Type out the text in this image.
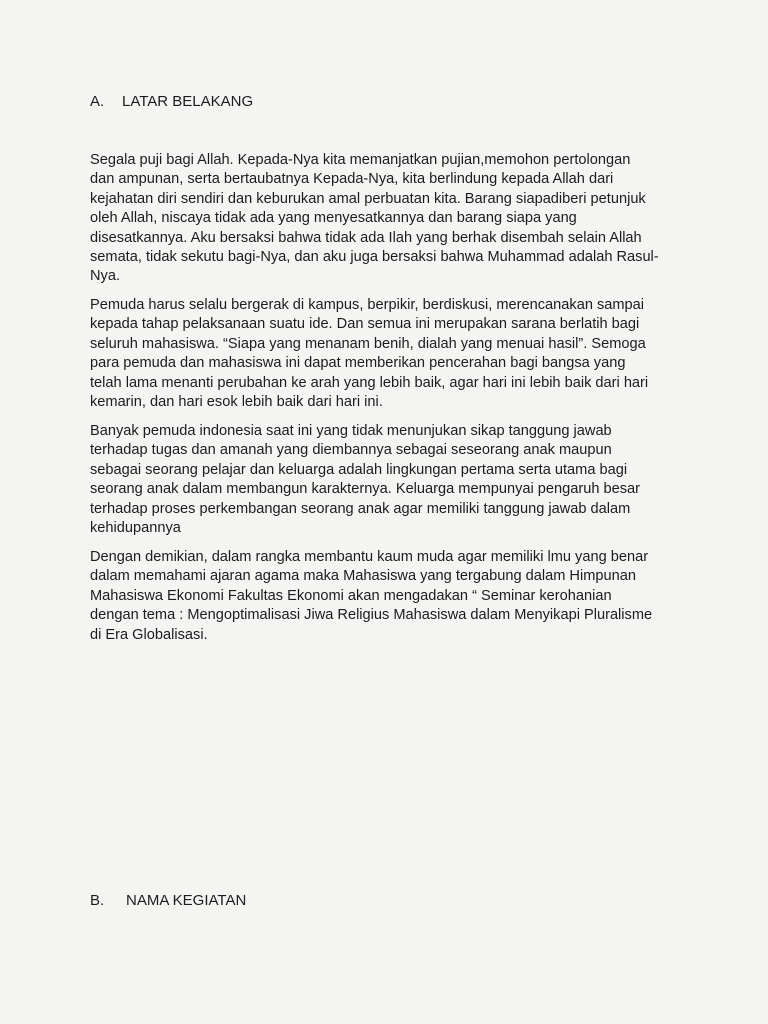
A. LATAR BELAKANG
Segala puji bagi Allah. Kepada-Nya kita memanjatkan pujian,memohon pertolongan
dan ampunan, serta bertaubatnya Kepada-Nya, kita berlindung kepada Allah dari
kejahatan diri sendiri dan keburukan amal perbuatan kita. Barang siapadiberi petunjuk
oleh Allah, niscaya tidak ada yang menyesatkannya dan barang siapa yang
disesatkannya. Aku bersaksi bahwa tidak ada Ilah yang berhak disembah selain Allah
semata, tidak sekutu bagi-Nya, dan aku juga bersaksi bahwa Muhammad adalah Rasul-
Nya.
Pemuda harus selalu bergerak di kampus, berpikir, berdiskusi, merencanakan sampai
kepada tahap pelaksanaan suatu ide. Dan semua ini merupakan sarana berlatih bagi
seluruh mahasiswa. “Siapa yang menanam benih, dialah yang menuai hasil”. Semoga
para pemuda dan mahasiswa ini dapat memberikan pencerahan bagi bangsa yang
telah lama menanti perubahan ke arah yang lebih baik, agar hari ini lebih baik dari hari
kemarin, dan hari esok lebih baik dari hari ini.
Banyak pemuda indonesia saat ini yang tidak menunjukan sikap tanggung jawab
terhadap tugas dan amanah yang diembannya sebagai seseorang anak maupun
sebagai seorang pelajar dan keluarga adalah lingkungan pertama serta utama bagi
seorang anak dalam membangun karakternya. Keluarga mempunyai pengaruh besar
terhadap proses perkembangan seorang anak agar memiliki tanggung jawab dalam
kehidupannya
Dengan demikian, dalam rangka membantu kaum muda agar memiliki lmu yang benar
dalam memahami ajaran agama maka Mahasiswa yang tergabung dalam Himpunan
Mahasiswa Ekonomi Fakultas Ekonomi akan mengadakan “ Seminar kerohanian
dengan tema : Mengoptimalisasi Jiwa Religius Mahasiswa dalam Menyikapi Pluralisme
di Era Globalisasi.
B. NAMA KEGIATAN
